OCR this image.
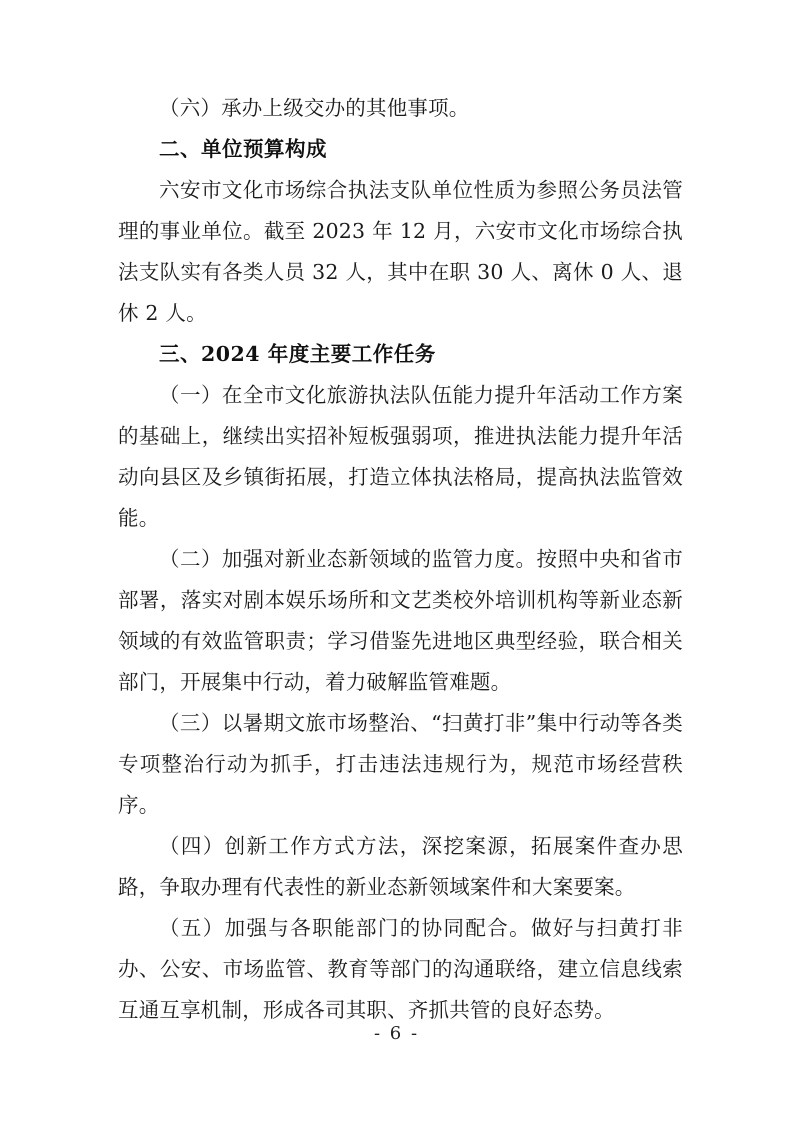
（六）承办上级交办的其他事项。

二、单位预算构成

六安市文化市场综合执法支队单位性质为参照公务员法管理的事业单位。截至 2023 年 12 月，六安市文化市场综合执法支队实有各类人员 32 人，其中在职 30 人、离休 0 人、退休 2 人。

三、2024 年度主要工作任务

（一）在全市文化旅游执法队伍能力提升年活动工作方案的基础上，继续出实招补短板强弱项，推进执法能力提升年活动向县区及乡镇街拓展，打造立体执法格局，提高执法监管效能。

（二）加强对新业态新领域的监管力度。按照中央和省市部署，落实对剧本娱乐场所和文艺类校外培训机构等新业态新领域的有效监管职责；学习借鉴先进地区典型经验，联合相关部门，开展集中行动，着力破解监管难题。

（三）以暑期文旅市场整治、“扫黄打非”集中行动等各类专项整治行动为抓手，打击违法违规行为，规范市场经营秩序。

（四）创新工作方式方法，深挖案源，拓展案件查办思路，争取办理有代表性的新业态新领域案件和大案要案。

（五）加强与各职能部门的协同配合。做好与扫黄打非办、公安、市场监管、教育等部门的沟通联络，建立信息线索互通互享机制，形成各司其职、齐抓共管的良好态势。

- 6 -
